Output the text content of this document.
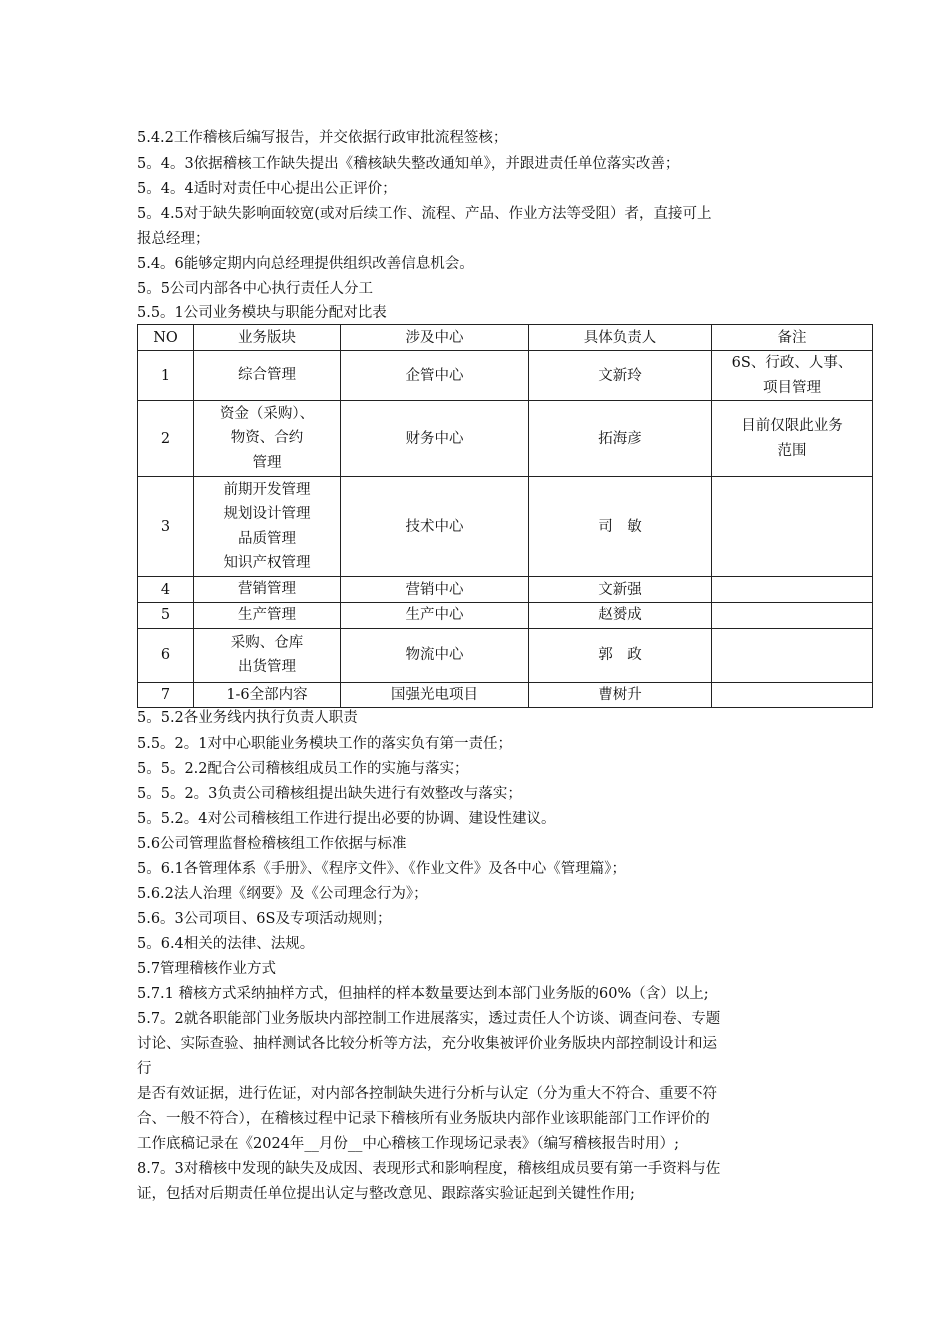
5.4.2工作稽核后编写报告，并交依据行政审批流程签核；
5。4。3依据稽核工作缺失提出《稽核缺失整改通知单》，并跟进责任单位落实改善；
5。4。4适时对责任中心提出公正评价；
5。4.5对于缺失影响面较宽(或对后续工作、流程、产品、作业方法等受阻）者，直接可上
报总经理；
5.4。6能够定期内向总经理提供组织改善信息机会。
5。5公司内部各中心执行责任人分工
5.5。1公司业务模块与职能分配对比表
NO	业务版块	涉及中心	具体负责人	备注
1	综合管理	企管中心	文新玲	6S、行政、人事、
项目管理

2	资金（采购）、
物资、合约
管理	财务中心	拓海彦	目前仅限此业务
范围

3	前期开发管理
规划设计管理
品质管理
知识产权管理	技术中心	司　敏	
4	营销管理	营销中心	文新强	
5	生产管理	生产中心	赵赟成	
6	采购、仓库
出货管理	物流中心	郭　政	
7	1-6全部内容	国强光电项目	曹树升	
5。5.2各业务线内执行负责人职责
5.5。2。1对中心职能业务模块工作的落实负有第一责任；
5。5。2.2配合公司稽核组成员工作的实施与落实；
5。5。2。3负责公司稽核组提出缺失进行有效整改与落实；
5。5.2。4对公司稽核组工作进行提出必要的协调、建设性建议。
5.6公司管理监督检稽核组工作依据与标准
5。6.1各管理体系《手册》、《程序文件》、《作业文件》及各中心《管理篇》；
5.6.2法人治理《纲要》及《公司理念行为》；
5.6。3公司项目、6S及专项活动规则；
5。6.4相关的法律、法规。
5.7管理稽核作业方式
5.7.1 稽核方式采纳抽样方式，但抽样的样本数量要达到本部门业务版的60%（含）以上;
5.7。2就各职能部门业务版块内部控制工作进展落实，透过责任人个访谈、调查问卷、专题
讨论、实际查验、抽样测试各比较分析等方法，充分收集被评价业务版块内部控制设计和运
行
是否有效证据，进行佐证，对内部各控制缺失进行分析与认定（分为重大不符合、重要不符
合、一般不符合），在稽核过程中记录下稽核所有业务版块内部作业该职能部门工作评价的
工作底稿记录在《2024年__月份__中心稽核工作现场记录表》（编写稽核报告时用）;
8.7。3对稽核中发现的缺失及成因、表现形式和影响程度，稽核组成员要有第一手资料与佐
证，包括对后期责任单位提出认定与整改意见、跟踪落实验证起到关键性作用;
